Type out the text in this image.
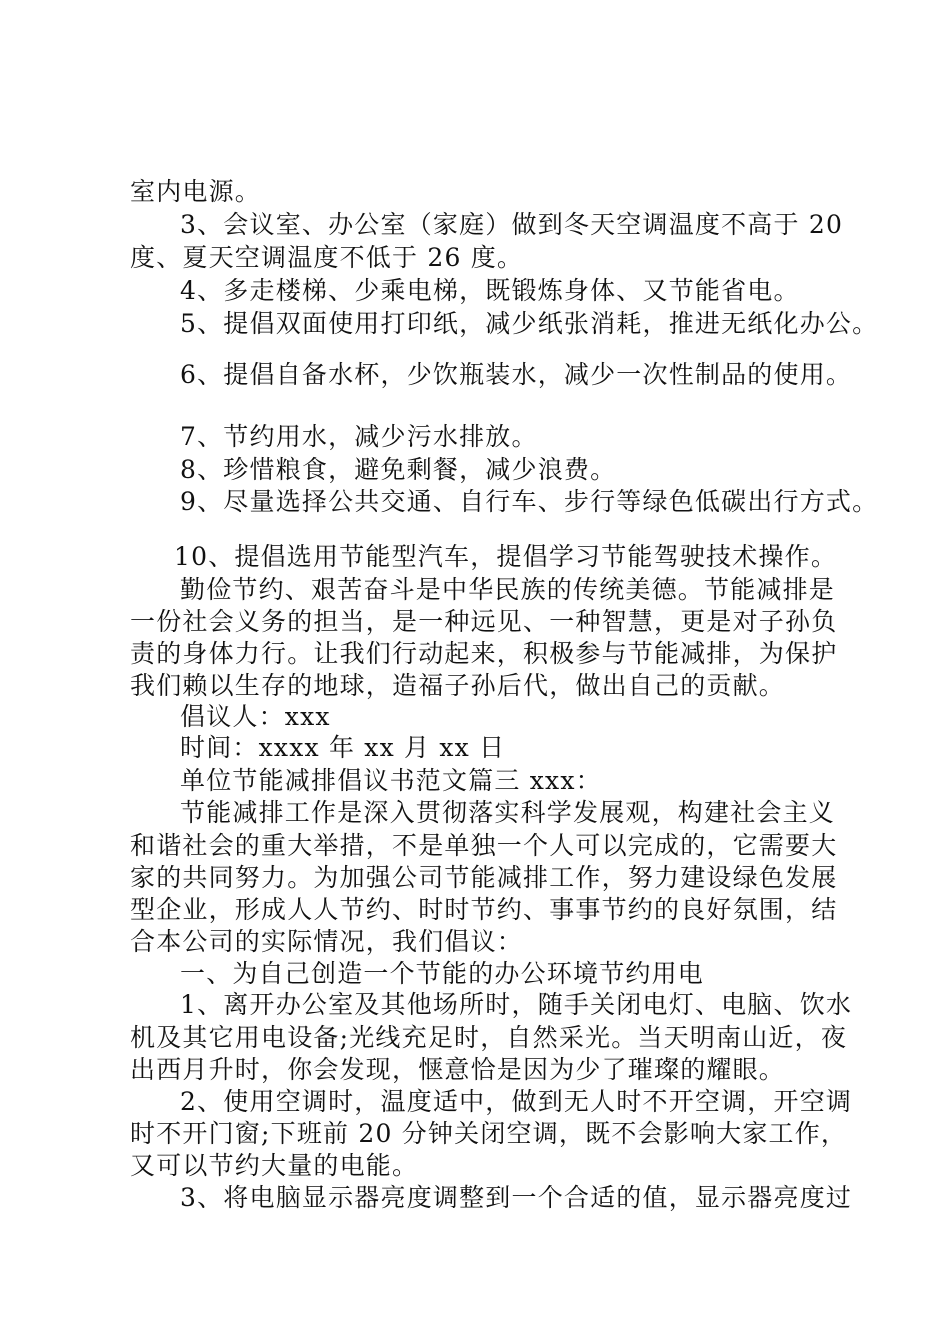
室内电源。
3、会议室、办公室（家庭）做到冬天空调温度不高于 20
度、夏天空调温度不低于 26 度。
4、多走楼梯、少乘电梯，既锻炼身体、又节能省电。
5、提倡双面使用打印纸，减少纸张消耗，推进无纸化办公。
6、提倡自备水杯，少饮瓶装水，减少一次性制品的使用。
7、节约用水，减少污水排放。
8、珍惜粮食，避免剩餐，减少浪费。
9、尽量选择公共交通、自行车、步行等绿色低碳出行方式。
10、提倡选用节能型汽车，提倡学习节能驾驶技术操作。
勤俭节约、艰苦奋斗是中华民族的传统美德。节能减排是
一份社会义务的担当，是一种远见、一种智慧，更是对子孙负
责的身体力行。让我们行动起来，积极参与节能减排，为保护
我们赖以生存的地球，造福子孙后代，做出自己的贡献。
倡议人：xxx
时间：xxxx 年 xx 月 xx 日
单位节能减排倡议书范文篇三 xxx：
节能减排工作是深入贯彻落实科学发展观，构建社会主义
和谐社会的重大举措，不是单独一个人可以完成的，它需要大
家的共同努力。为加强公司节能减排工作，努力建设绿色发展
型企业，形成人人节约、时时节约、事事节约的良好氛围，结
合本公司的实际情况，我们倡议：
一、为自己创造一个节能的办公环境节约用电
1、离开办公室及其他场所时，随手关闭电灯、电脑、饮水
机及其它用电设备;光线充足时，自然采光。当天明南山近，夜
出西月升时，你会发现，惬意恰是因为少了璀璨的耀眼。
2、使用空调时，温度适中，做到无人时不开空调，开空调
时不开门窗;下班前 20 分钟关闭空调，既不会影响大家工作，
又可以节约大量的电能。
3、将电脑显示器亮度调整到一个合适的值，显示器亮度过
